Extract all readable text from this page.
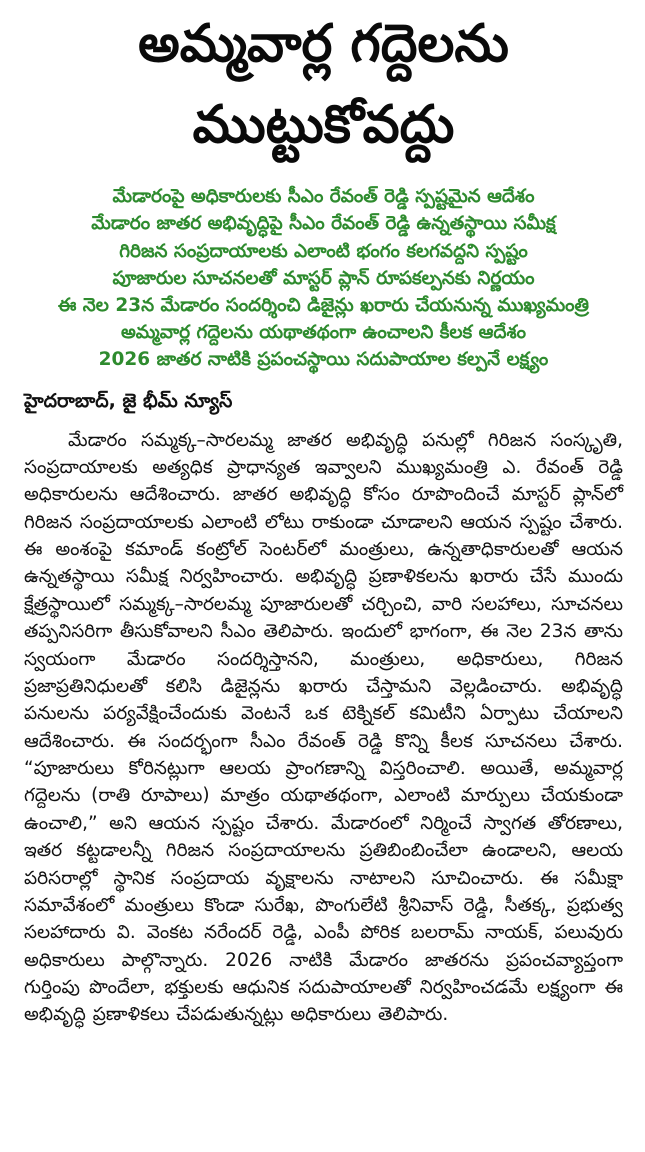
అమ్మవార్ల గద్దెలను
ముట్టుకోవద్దు
మేడారంపై అధికారులకు సీఎం రేవంత్ రెడ్డి స్పష్టమైన ఆదేశం
మేడారం జాతర అభివృద్ధిపై సీఎం రేవంత్ రెడ్డి ఉన్నతస్థాయి సమీక్ష
గిరిజన సంప్రదాయాలకు ఎలాంటి భంగం కలగవద్దని స్పష్టం
పూజారుల సూచనలతో మాస్టర్ ప్లాన్ రూపకల్పనకు నిర్ణయం
ఈ నెల 23న మేడారం సందర్శించి డిజైన్లు ఖరారు చేయనున్న ముఖ్యమంత్రి
అమ్మవార్ల గద్దెలను యథాతథంగా ఉంచాలని కీలక ఆదేశం
2026 జాతర నాటికి ప్రపంచస్థాయి సదుపాయాల కల్పనే లక్ష్యం
హైదరాబాద్, జై భీమ్ న్యూస్

మేడారం సమ్మక్క–సారలమ్మ జాతర అభివృద్ధి పనుల్లో గిరిజన సంస్కృతి, సంప్రదాయాలకు అత్యధిక ప్రాధాన్యత ఇవ్వాలని ముఖ్యమంత్రి ఎ. రేవంత్ రెడ్డి అధికారులను ఆదేశించారు. జాతర అభివృద్ధి కోసం రూపొందించే మాస్టర్ ప్లాన్‌లో గిరిజన సంప్రదాయాలకు ఎలాంటి లోటు రాకుండా చూడాలని ఆయన స్పష్టం చేశారు. ఈ అంశంపై కమాండ్ కంట్రోల్ సెంటర్‌లో మంత్రులు, ఉన్నతాధికారులతో ఆయన ఉన్నతస్థాయి సమీక్ష నిర్వహించారు. అభివృద్ధి ప్రణాళికలను ఖరారు చేసే ముందు క్షేత్రస్థాయిలో సమ్మక్క–సారలమ్మ పూజారులతో చర్చించి, వారి సలహాలు, సూచనలు తప్పనిసరిగా తీసుకోవాలని సీఎం తెలిపారు. ఇందులో భాగంగా, ఈ నెల 23న తాను స్వయంగా మేడారం సందర్శిస్తానని, మంత్రులు, అధికారులు, గిరిజన ప్రజాప్రతినిధులతో కలిసి డిజైన్లను ఖరారు చేస్తామని వెల్లడించారు. అభివృద్ధి పనులను పర్యవేక్షించేందుకు వెంటనే ఒక టెక్నికల్ కమిటీని ఏర్పాటు చేయాలని ఆదేశించారు. ఈ సందర్భంగా సీఎం రేవంత్ రెడ్డి కొన్ని కీలక సూచనలు చేశారు. “పూజారులు కోరినట్లుగా ఆలయ ప్రాంగణాన్ని విస్తరించాలి. అయితే, అమ్మవార్ల గద్దెలను (రాతి రూపాలు) మాత్రం యథాతథంగా, ఎలాంటి మార్పులు చేయకుండా ఉంచాలి,” అని ఆయన స్పష్టం చేశారు. మేడారంలో నిర్మించే స్వాగత తోరణాలు, ఇతర కట్టడాలన్నీ గిరిజన సంప్రదాయాలను ప్రతిబింబించేలా ఉండాలని, ఆలయ పరిసరాల్లో స్థానిక సంప్రదాయ వృక్షాలను నాటాలని సూచించారు. ఈ సమీక్షా సమావేశంలో మంత్రులు కొండా సురేఖ, పొంగులేటి శ్రీనివాస్ రెడ్డి, సీతక్క, ప్రభుత్వ సలహాదారు వి. వెంకట నరేందర్ రెడ్డి, ఎంపీ పోరిక బలరామ్ నాయక్, పలువురు అధికారులు పాల్గొన్నారు. 2026 నాటికి మేడారం జాతరను ప్రపంచవ్యాప్తంగా గుర్తింపు పొందేలా, భక్తులకు ఆధునిక సదుపాయాలతో నిర్వహించడమే లక్ష్యంగా ఈ అభివృద్ధి ప్రణాళికలు చేపడుతున్నట్లు అధికారులు తెలిపారు.
